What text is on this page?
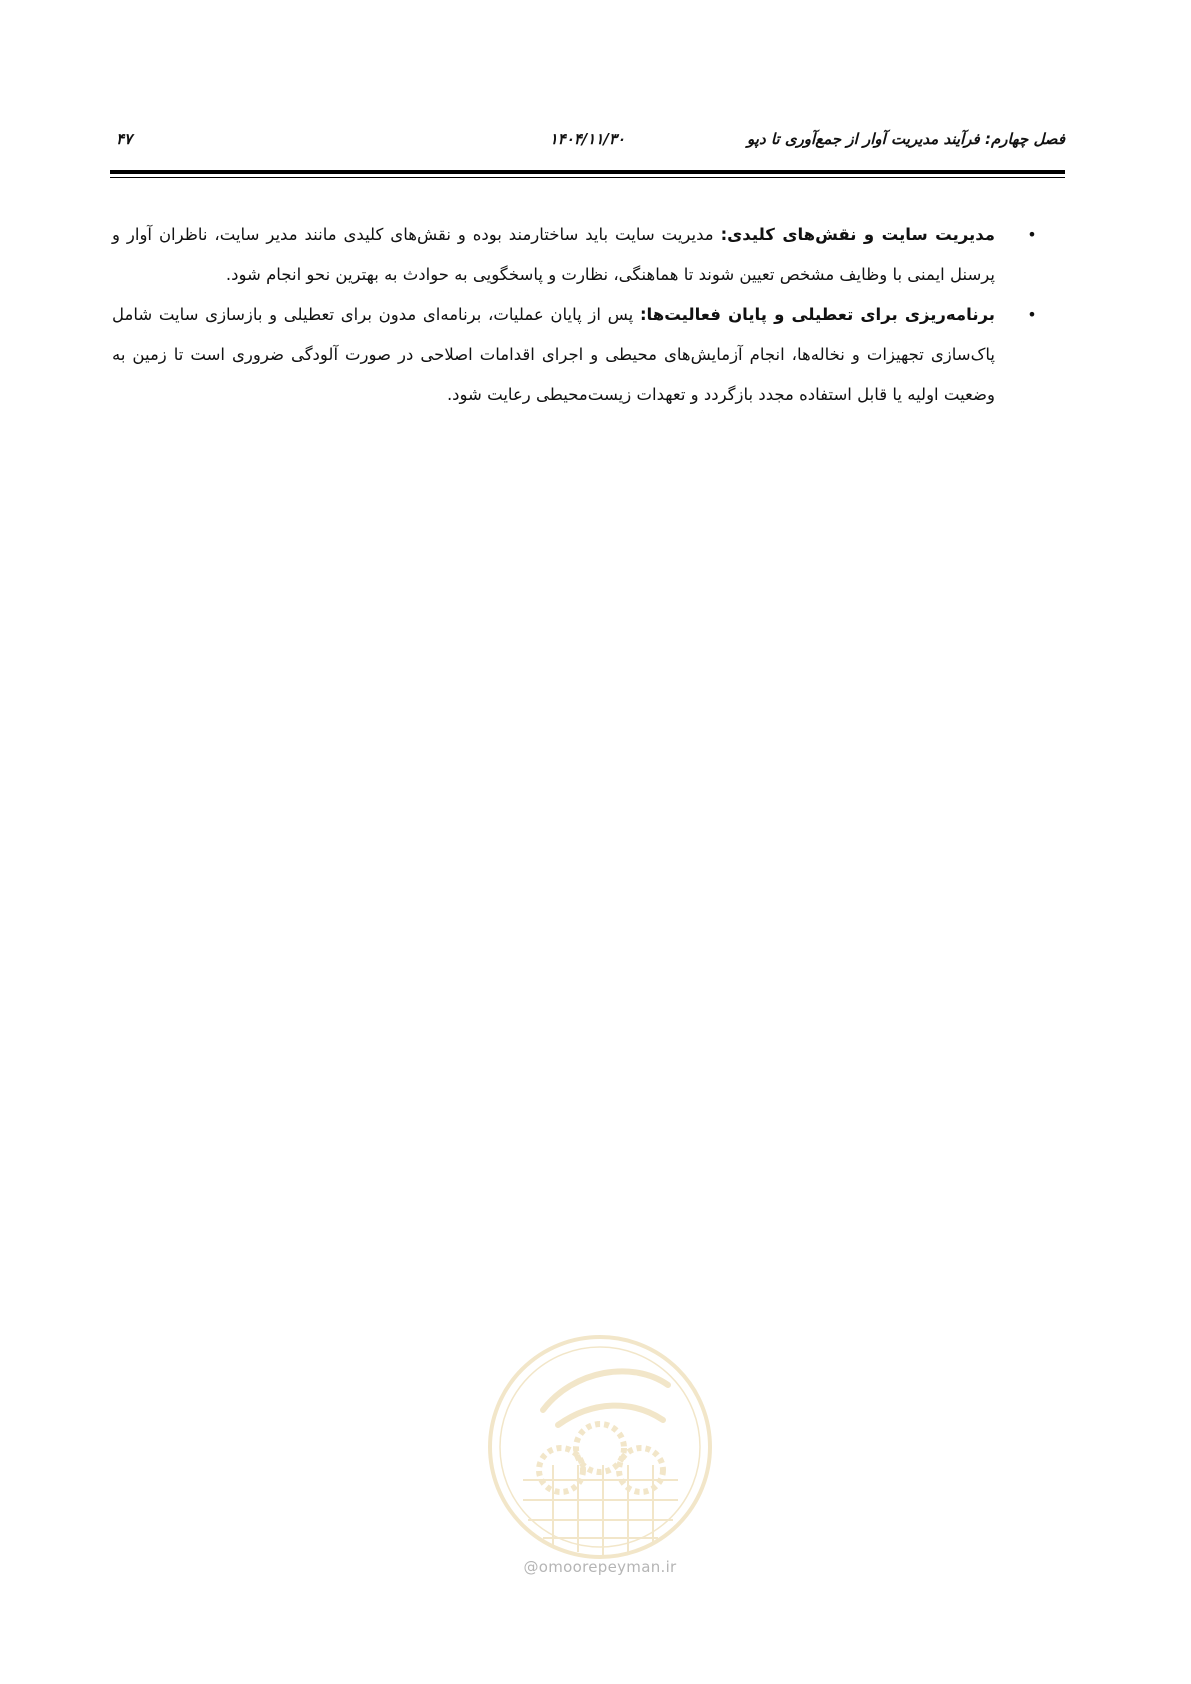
فصل چهارم: فرآیند مدیریت آوار از جمع‌آوری تا دپو
۱۴۰۴/۱۱/۳۰
۴۷
•

مدیریت سایت و نقش‌های کلیدی: مدیریت سایت باید ساختارمند بوده و نقش‌های کلیدی مانند مدیر سایت، ناظران آوار و پرسنل ایمنی با وظایف مشخص تعیین شوند تا هماهنگی، نظارت و پاسخگویی به حوادث به بهترین نحو انجام شود.

•

برنامه‌ریزی برای تعطیلی و پایان فعالیت‌ها: پس از پایان عملیات، برنامه‌ای مدون برای تعطیلی و بازسازی سایت شامل پاک‌سازی تجهیزات و نخاله‌ها، انجام آزمایش‌های محیطی و اجرای اقدامات اصلاحی در صورت آلودگی ضروری است تا زمین به وضعیت اولیه یا قابل استفاده مجدد بازگردد و تعهدات زیست‌محیطی رعایت شود.

@omoorepeyman.ir
